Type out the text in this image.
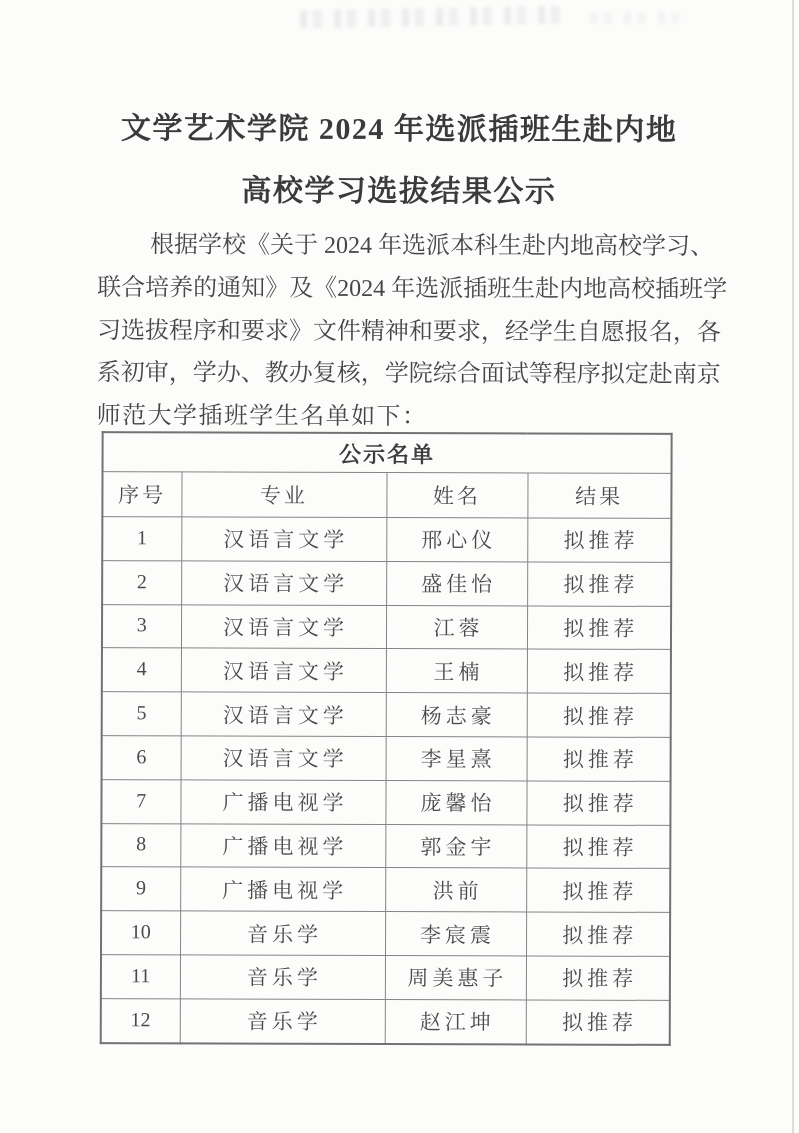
文学艺术学院 2024 年选派插班生赴内地
高校学习选拔结果公示
根据学校《关于 2024 年选派本科生赴内地高校学习、
联合培养的通知》及《2024 年选派插班生赴内地高校插班学
习选拔程序和要求》文件精神和要求，经学生自愿报名，各
系初审，学办、教办复核，学院综合面试等程序拟定赴南京
师范大学插班学生名单如下：
公示名单			
序号	专业	姓名	结果
1	汉语言文学	邢心仪	拟推荐
2	汉语言文学	盛佳怡	拟推荐
3	汉语言文学	江蓉	拟推荐
4	汉语言文学	王楠	拟推荐
5	汉语言文学	杨志豪	拟推荐
6	汉语言文学	李星熹	拟推荐
7	广播电视学	庞馨怡	拟推荐
8	广播电视学	郭金宇	拟推荐
9	广播电视学	洪前	拟推荐
10	音乐学	李宸震	拟推荐
11	音乐学	周美惠子	拟推荐
12	音乐学	赵江坤	拟推荐
